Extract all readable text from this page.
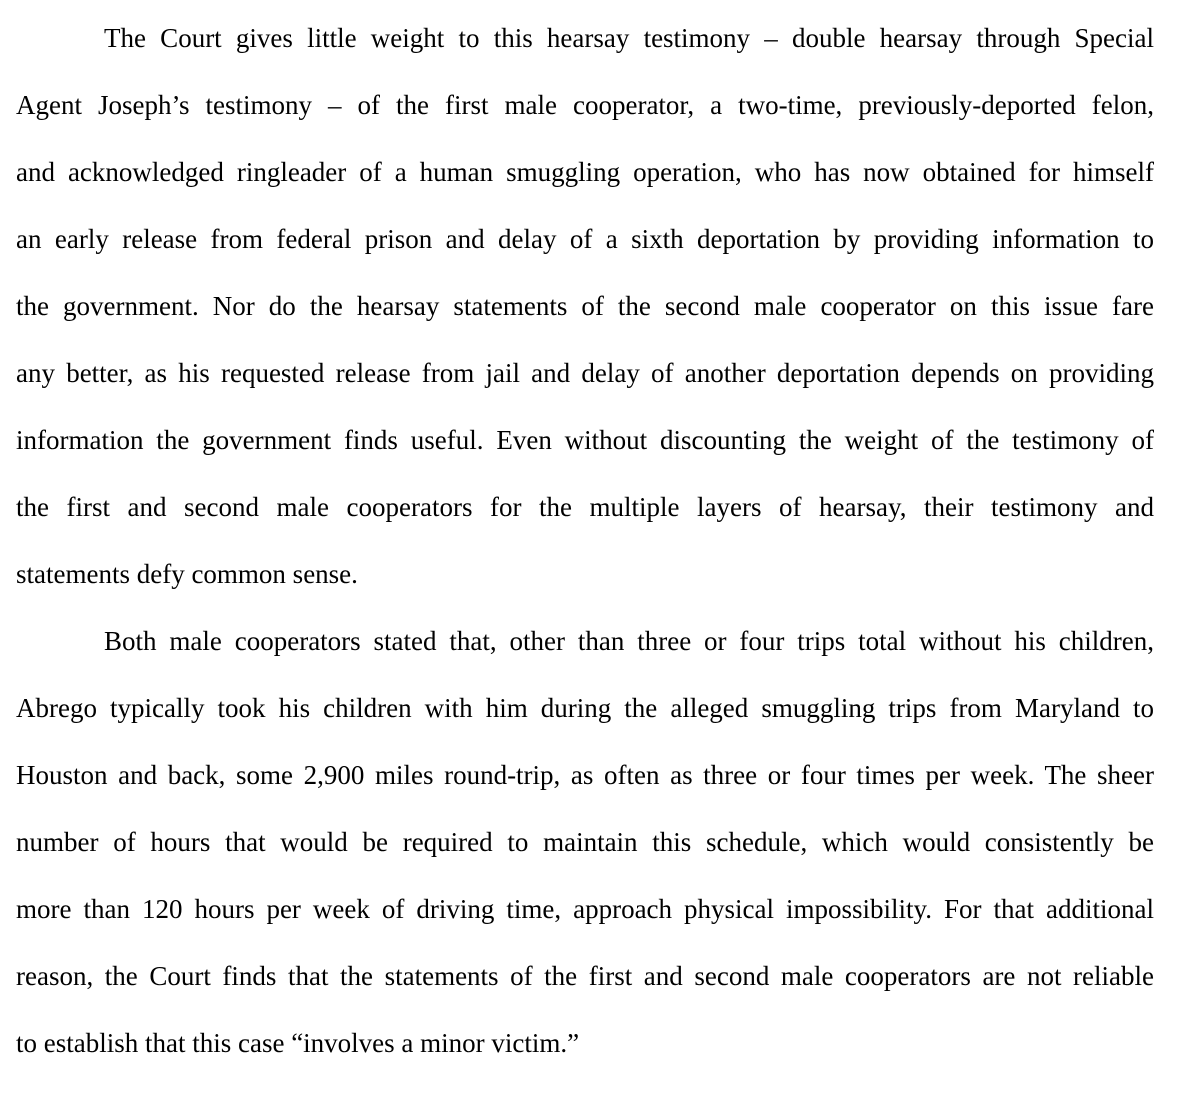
The Court gives little weight to this hearsay testimony – double hearsay through Special
Agent Joseph’s testimony – of the first male cooperator, a two-time, previously-deported felon,
and acknowledged ringleader of a human smuggling operation, who has now obtained for himself
an early release from federal prison and delay of a sixth deportation by providing information to
the government. Nor do the hearsay statements of the second male cooperator on this issue fare
any better, as his requested release from jail and delay of another deportation depends on providing
information the government finds useful. Even without discounting the weight of the testimony of
the first and second male cooperators for the multiple layers of hearsay, their testimony and
statements defy common sense.
Both male cooperators stated that, other than three or four trips total without his children,
Abrego typically took his children with him during the alleged smuggling trips from Maryland to
Houston and back, some 2,900 miles round-trip, as often as three or four times per week. The sheer
number of hours that would be required to maintain this schedule, which would consistently be
more than 120 hours per week of driving time, approach physical impossibility. For that additional
reason, the Court finds that the statements of the first and second male cooperators are not reliable
to establish that this case “involves a minor victim.”
